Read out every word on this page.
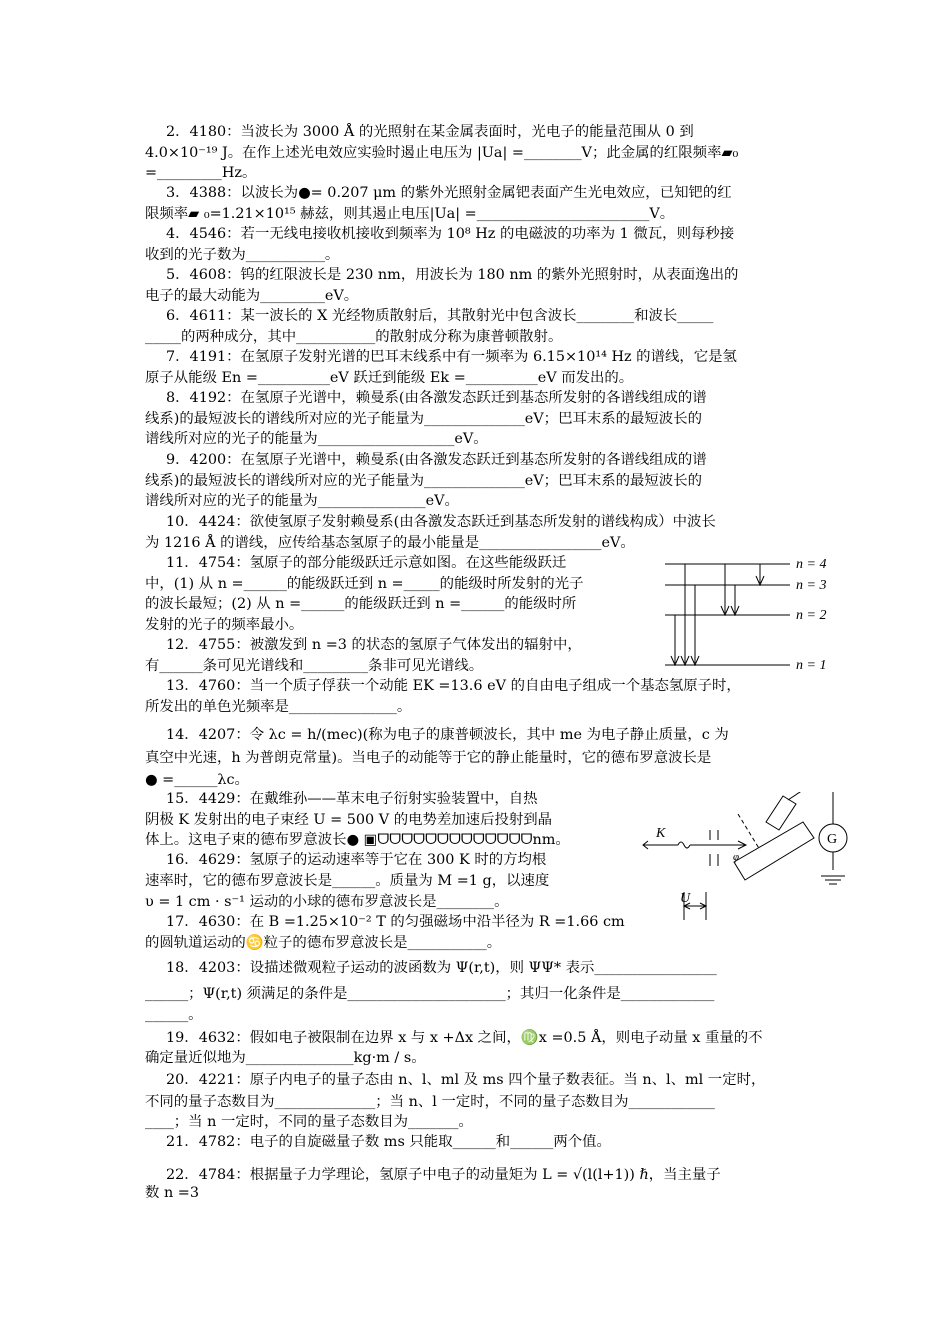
2．4180：当波长为 3000 Å 的光照射在某金属表面时，光电子的能量范围从 0 到
4.0×10⁻¹⁹ J。在作上述光电效应实验时遏止电压为 |Ua| =________V；此金属的红限频率▰₀
=_________Hz。
3．4388：以波长为●= 0.207 μm 的紫外光照射金属钯表面产生光电效应，已知钯的红
限频率▰ ₀=1.21×10¹⁵ 赫兹，则其遏止电压|Ua| =________________________V。
4．4546：若一无线电接收机接收到频率为 10⁸ Hz 的电磁波的功率为 1 微瓦，则每秒接
收到的光子数为___________。
5．4608：钨的红限波长是 230 nm，用波长为 180 nm 的紫外光照射时，从表面逸出的
电子的最大动能为_________eV。
6．4611：某一波长的 X 光经物质散射后，其散射光中包含波长________和波长_____
_____的两种成分，其中___________的散射成分称为康普顿散射。
7．4191：在氢原子发射光谱的巴耳末线系中有一频率为 6.15×10¹⁴ Hz 的谱线，它是氢
原子从能级 En =__________eV 跃迁到能级 Ek =__________eV 而发出的。
8．4192：在氢原子光谱中，赖曼系(由各激发态跃迁到基态所发射的各谱线组成的谱
线系)的最短波长的谱线所对应的光子能量为______________eV；巴耳末系的最短波长的
谱线所对应的光子的能量为___________________eV。
9．4200：在氢原子光谱中，赖曼系(由各激发态跃迁到基态所发射的各谱线组成的谱
线系)的最短波长的谱线所对应的光子能量为______________eV；巴耳末系的最短波长的
谱线所对应的光子的能量为_______________eV。
10．4424：欲使氢原子发射赖曼系(由各激发态跃迁到基态所发射的谱线构成）中波长
为 1216 Å 的谱线，应传给基态氢原子的最小能量是_________________eV。
11．4754：氢原子的部分能级跃迁示意如图。在这些能级跃迁
中，(1) 从 n =______的能级跃迁到 n =_____的能级时所发射的光子
的波长最短；(2) 从 n =______的能级跃迁到 n =______的能级时所
发射的光子的频率最小。
12．4755：被激发到 n =3 的状态的氢原子气体发出的辐射中，
有______条可见光谱线和_________条非可见光谱线。
13．4760：当一个质子俘获一个动能 EK =13.6 eV 的自由电子组成一个基态氢原子时，
所发出的单色光频率是_______________。
14．4207：令 λc = h/(mec)(称为电子的康普顿波长，其中 me 为电子静止质量，c 为
真空中光速，h 为普朗克常量)。当电子的动能等于它的静止能量时，它的德布罗意波长是
● =______λc。
15．4429：在戴维孙——革末电子衍射实验装置中，自热
阴极 K 发射出的电子束经 U = 500 V 的电势差加速后投射到晶
体上。这电子束的德布罗意波长● ▣ᗜᗜᗜᗜᗜᗜᗜᗜᗜᗜᗜᗜᗜnm。
16．4629：氢原子的运动速率等于它在 300 K 时的方均根
速率时，它的德布罗意波长是______。质量为 M =1 g，以速度
υ = 1 cm · s⁻¹ 运动的小球的德布罗意波长是________。
17．4630：在 B =1.25×10⁻² T 的匀强磁场中沿半径为 R =1.66 cm
的圆轨道运动的♋粒子的德布罗意波长是___________。
18．4203：设描述微观粒子运动的波函数为 Ψ(r,t)，则 ΨΨ* 表示_________________
______；Ψ(r,t) 须满足的条件是______________________；其归一化条件是_____________
______。
19．4632：假如电子被限制在边界 x 与 x +Δx 之间，♍x =0.5 Å，则电子动量 x 重量的不
确定量近似地为_______________kg·m / s。
20．4221：原子内电子的量子态由 n、l、ml 及 ms 四个量子数表征。当 n、l、ml 一定时，
不同的量子态数目为______________；当 n、l 一定时，不同的量子态数目为____________
____；当 n 一定时，不同的量子态数目为_______。
21．4782：电子的自旋磁量子数 ms 只能取______和______两个值。
22．4784：根据量子力学理论，氢原子中电子的动量矩为 L = √(l(l+1)) ℏ，当主量子
数 n =3
n = 4
n = 3
n = 2
n = 1
K
U
φ
G
